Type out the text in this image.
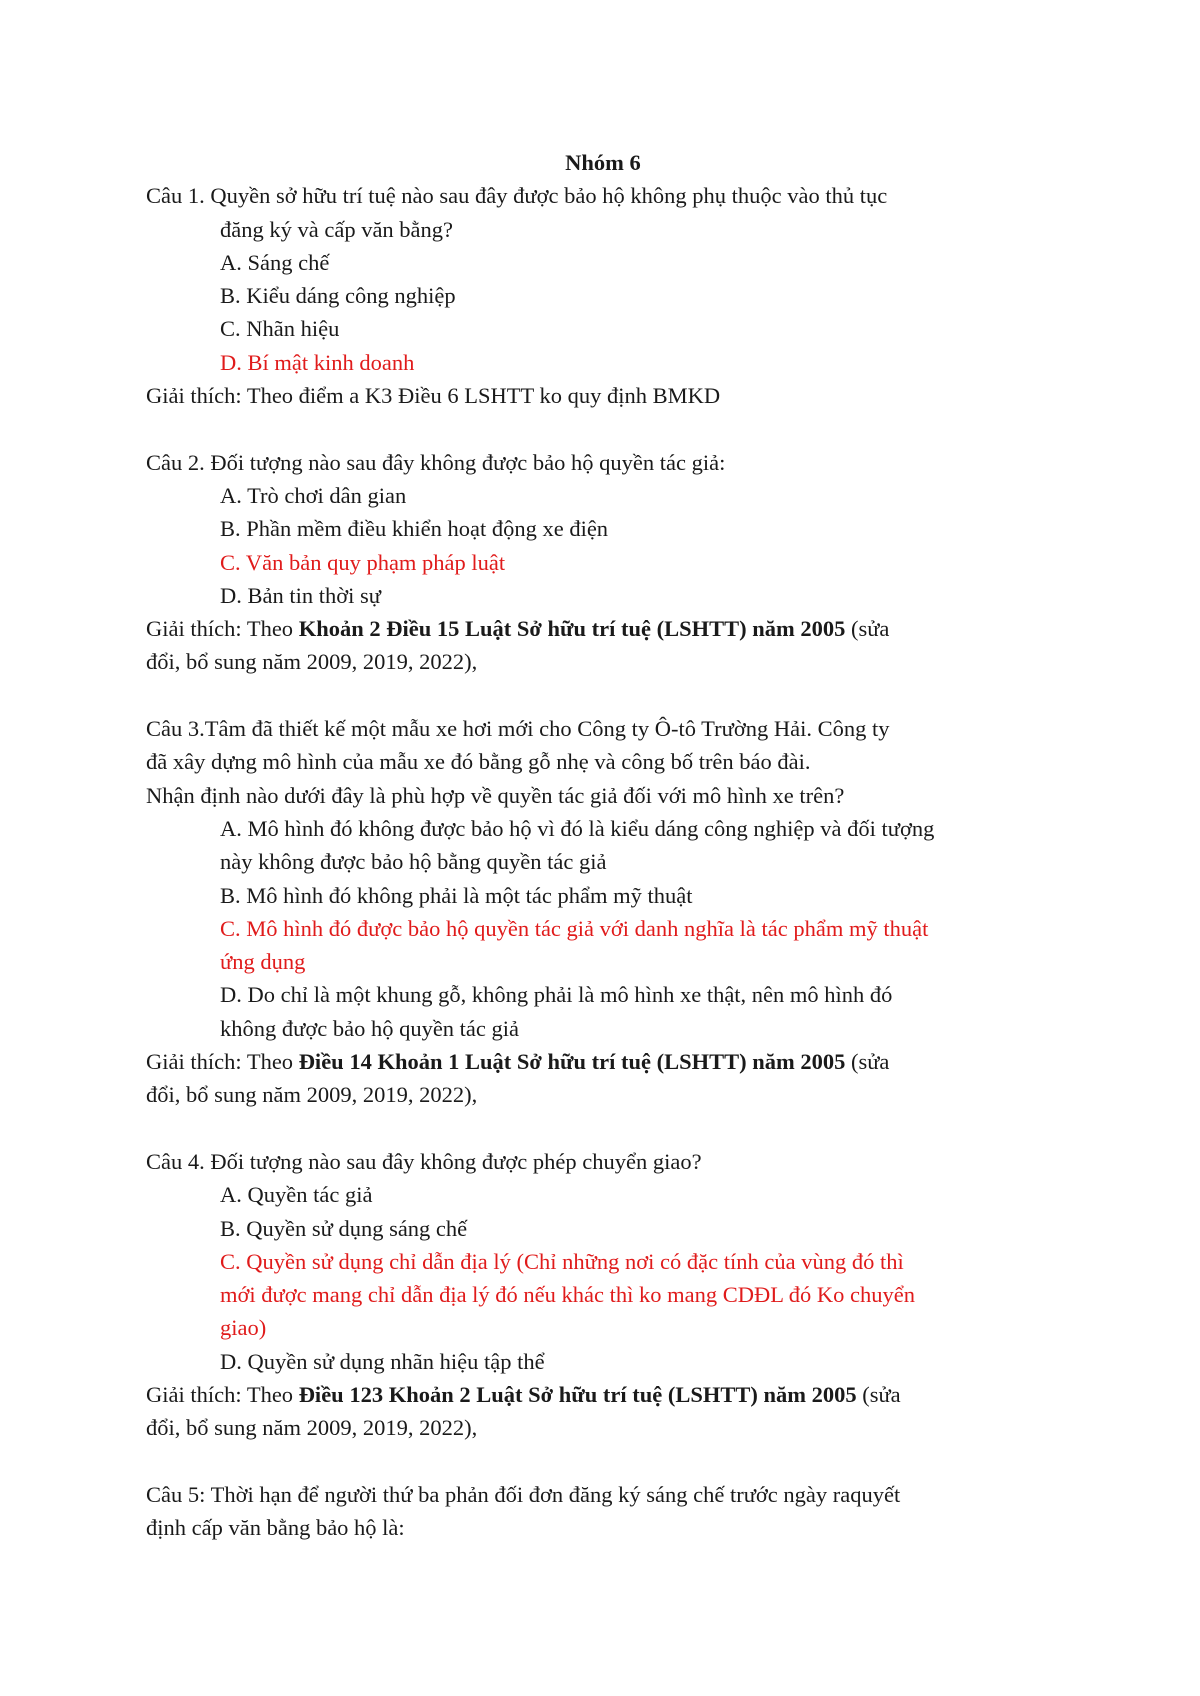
Nhóm 6
Câu 1. Quyền sở hữu trí tuệ nào sau đây được bảo hộ không phụ thuộc vào thủ tục
đăng ký và cấp văn bằng?
A. Sáng chế
B. Kiểu dáng công nghiệp
C. Nhãn hiệu
D. Bí mật kinh doanh
Giải thích: Theo điểm a K3 Điều 6 LSHTT ko quy định BMKD
Câu 2. Đối tượng nào sau đây không được bảo hộ quyền tác giả:
A. Trò chơi dân gian
B. Phần mềm điều khiển hoạt động xe điện
C. Văn bản quy phạm pháp luật
D. Bản tin thời sự
Giải thích: Theo Khoản 2 Điều 15 Luật Sở hữu trí tuệ (LSHTT) năm 2005 (sửa
đổi, bổ sung năm 2009, 2019, 2022),
Câu 3.Tâm đã thiết kế một mẫu xe hơi mới cho Công ty Ô-tô Trường Hải. Công ty
đã xây dựng mô hình của mẫu xe đó bằng gỗ nhẹ và công bố trên báo đài.
Nhận định nào dưới đây là phù hợp về quyền tác giả đối với mô hình xe trên?
A. Mô hình đó không được bảo hộ vì đó là kiểu dáng công nghiệp và đối tượng
này không được bảo hộ bằng quyền tác giả
B. Mô hình đó không phải là một tác phẩm mỹ thuật
C. Mô hình đó được bảo hộ quyền tác giả với danh nghĩa là tác phẩm mỹ thuật
ứng dụng
D. Do chỉ là một khung gỗ, không phải là mô hình xe thật, nên mô hình đó
không được bảo hộ quyền tác giả
Giải thích: Theo Điều 14 Khoản 1 Luật Sở hữu trí tuệ (LSHTT) năm 2005 (sửa
đổi, bổ sung năm 2009, 2019, 2022),
Câu 4. Đối tượng nào sau đây không được phép chuyển giao?
A. Quyền tác giả
B. Quyền sử dụng sáng chế
C. Quyền sử dụng chỉ dẫn địa lý (Chỉ những nơi có đặc tính của vùng đó thì
mới được mang chỉ dẫn địa lý đó nếu khác thì ko mang CDĐL đó Ko chuyển
giao)
D. Quyền sử dụng nhãn hiệu tập thể
Giải thích: Theo Điều 123 Khoản 2 Luật Sở hữu trí tuệ (LSHTT) năm 2005 (sửa
đổi, bổ sung năm 2009, 2019, 2022),
Câu 5: Thời hạn để người thứ ba phản đối đơn đăng ký sáng chế trước ngày raquyết
định cấp văn bằng bảo hộ là:
